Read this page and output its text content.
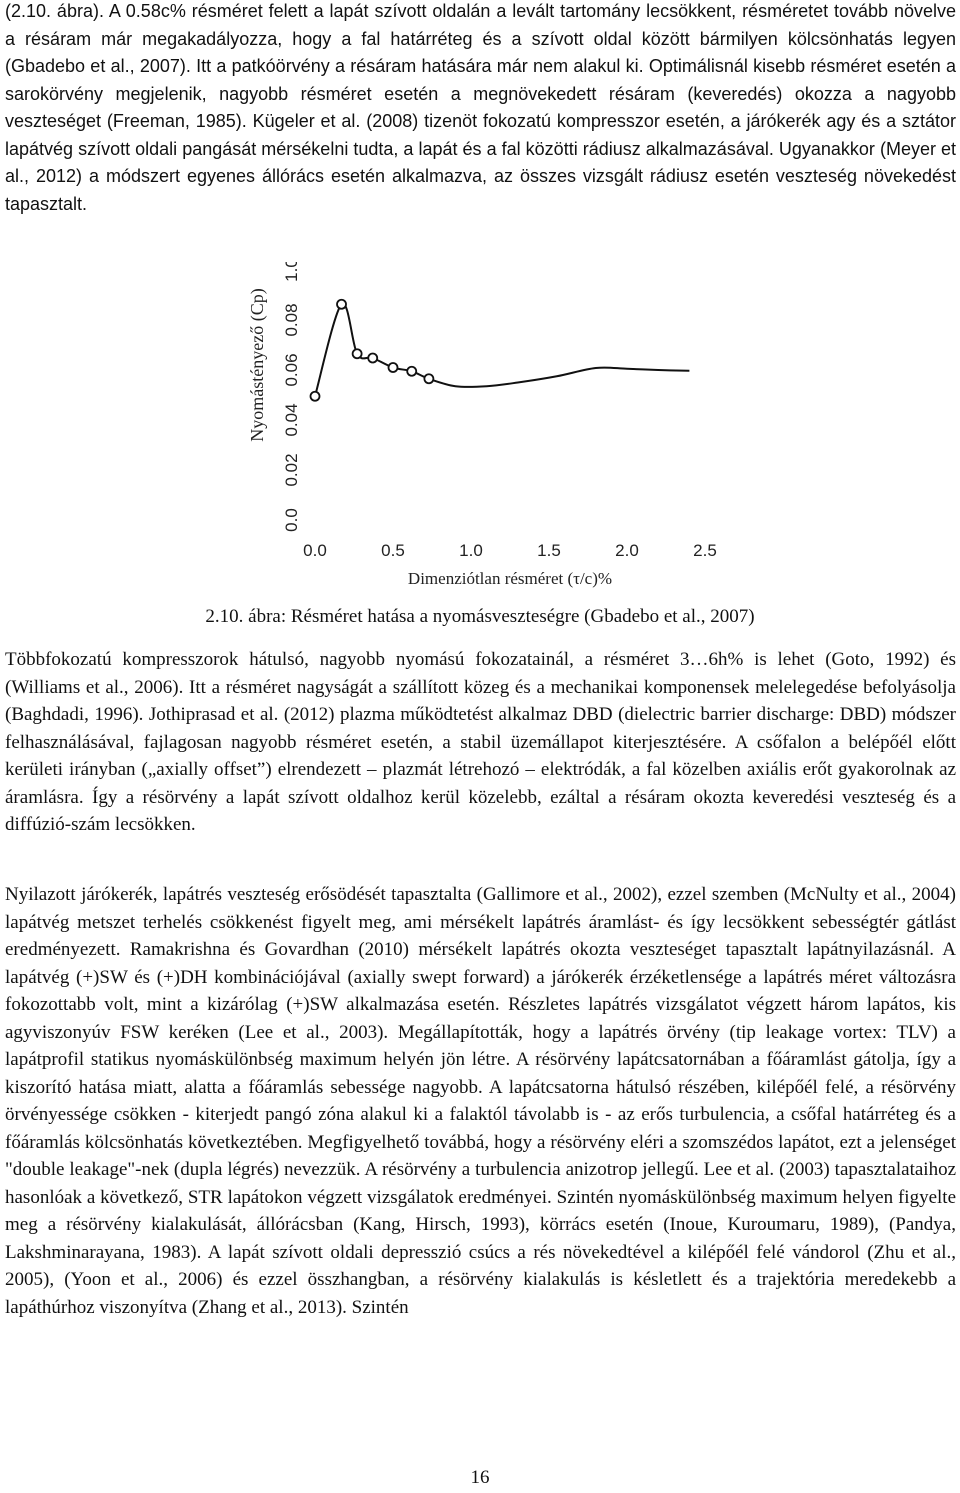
(2.10. ábra). A 0.58c% résméret felett a lapát szívott oldalán a levált tartomány lecsökkent, résméretet tovább növelve a résáram már megakadályozza, hogy a fal határréteg és a szívott oldal között bármilyen kölcsönhatás legyen (Gbadebo et al., 2007). Itt a patkóörvény a résáram hatására már nem alakul ki. Optimálisnál kisebb résméret esetén a sarokörvény megjelenik, nagyobb résméret esetén a megnövekedett résáram (keveredés) okozza a nagyobb veszteséget (Freeman, 1985). Kügeler et al. (2008) tizenöt fokozatú kompresszor esetén, a járókerék agy és a sztátor lapátvég szívott oldali pangását mérsékelni tudta, a lapát és a fal közötti rádiusz alkalmazásával. Ugyanakkor (Meyer et al., 2012) a módszert egyenes állórács esetén alkalmazva, az összes vizsgált rádiusz esetén veszteség növekedést tapasztalt.

0.0
0.02
0.04
0.06
0.08
1.0
0.0	0.5	1.0	1.5	2.0	2.5
Nyomástényező (Cp)
Dimenziótlan résméret (τ/c)%

2.10. ábra: Résméret hatása a nyomásveszteségre (Gbadebo et al., 2007)

Többfokozatú kompresszorok hátulsó, nagyobb nyomású fokozatainál, a résméret 3…6h% is lehet (Goto, 1992) és (Williams et al., 2006). Itt a résméret nagyságát a szállított közeg és a mechanikai komponensek melelegedése befolyásolja (Baghdadi, 1996). Jothiprasad et al. (2012) plazma működtetést alkalmaz DBD (dielectric barrier discharge: DBD) módszer felhasználásával, fajlagosan nagyobb résméret esetén, a stabil üzemállapot kiterjesztésére. A csőfalon a belépőél előtt kerületi irányban („axially offset”) elrendezett – plazmát létrehozó – elektródák, a fal közelben axiális erőt gyakorolnak az áramlásra. Így a résörvény a lapát szívott oldalhoz kerül közelebb, ezáltal a résáram okozta keveredési veszteség és a diffúzió-szám lecsökken.

Nyilazott járókerék, lapátrés veszteség erősödését tapasztalta (Gallimore et al., 2002), ezzel szemben (McNulty et al., 2004) lapátvég metszet terhelés csökkenést figyelt meg, ami mérsékelt lapátrés áramlást- és így lecsökkent sebességtér gátlást eredményezett. Ramakrishna és Govardhan (2010) mérsékelt lapátrés okozta veszteséget tapasztalt lapátnyilazásnál. A lapátvég (+)SW és (+)DH kombinációjával (axially swept forward) a járókerék érzéketlensége a lapátrés méret változásra fokozottabb volt, mint a kizárólag (+)SW alkalmazása esetén. Részletes lapátrés vizsgálatot végzett három lapátos, kis agyviszonyúv FSW keréken (Lee et al., 2003). Megállapították, hogy a lapátrés örvény (tip leakage vortex: TLV) a lapátprofil statikus nyomáskülönbség maximum helyén jön létre. A résörvény lapátcsatornában a főáramlást gátolja, így a kiszorító hatása miatt, alatta a főáramlás sebessége nagyobb. A lapátcsatorna hátulsó részében, kilépőél felé, a résörvény örvényessége csökken - kiterjedt pangó zóna alakul ki a falaktól távolabb is - az erős turbulencia, a csőfal határréteg és a főáramlás kölcsönhatás következtében. Megfigyelhető továbbá, hogy a résörvény eléri a szomszédos lapátot, ezt a jelenséget "double leakage"-nek (dupla légrés) nevezzük. A résörvény a turbulencia anizotrop jellegű. Lee et al. (2003) tapasztalataihoz hasonlóak a következő, STR lapátokon végzett vizsgálatok eredményei. Szintén nyomáskülönbség maximum helyen figyelte meg a résörvény kialakulását, állórácsban (Kang, Hirsch, 1993), körrács esetén (Inoue, Kuroumaru, 1989), (Pandya, Lakshminarayana, 1983). A lapát szívott oldali depresszió csúcs a rés növekedtével a kilépőél felé vándorol (Zhu et al., 2005), (Yoon et al., 2006) és ezzel összhangban, a résörvény kialakulás is késletlett és a trajektória meredekebb a lapáthúrhoz viszonyítva (Zhang et al., 2013). Szintén

16
